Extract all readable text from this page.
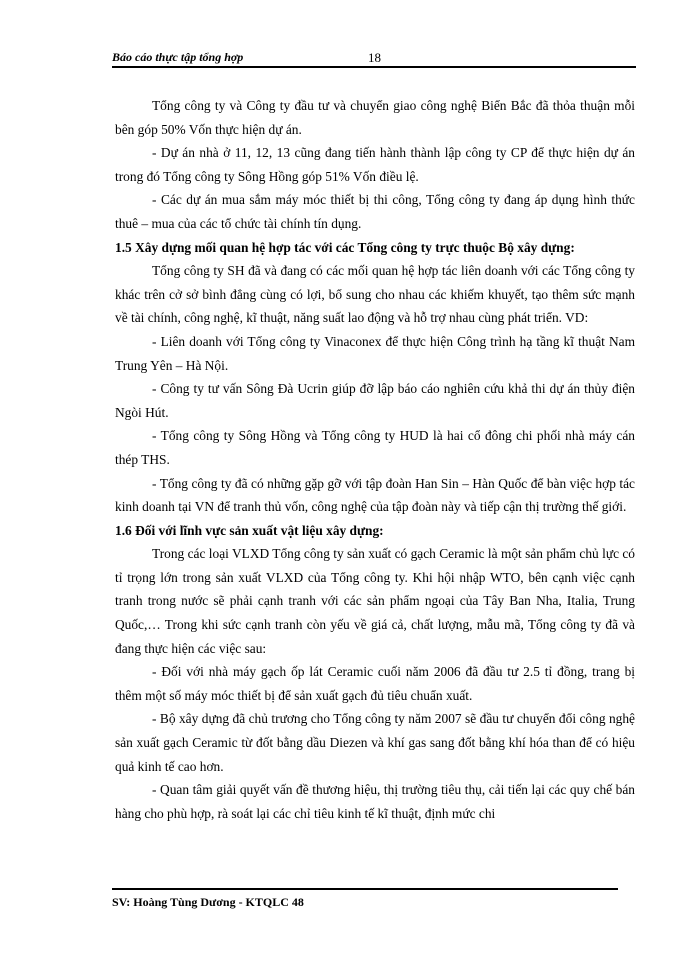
Báo cáo thực tập tổng hợp	18

Tổng công ty và Công ty đầu tư và chuyển giao công nghệ Biển Bắc đã thỏa thuận mỗi bên góp 50% Vốn thực hiện dự án.

- Dự án nhà ở 11, 12, 13 cũng đang tiến hành thành lập công ty CP để thực hiện dự án trong đó Tổng công ty Sông Hồng góp 51% Vốn điều lệ.

- Các dự án mua sắm máy móc thiết bị thi công, Tổng công ty đang áp dụng hình thức thuê – mua của các tổ chức tài chính tín dụng.

1.5 Xây dựng mối quan hệ hợp tác với các Tổng công ty trực thuộc Bộ xây dựng:

Tổng công ty SH đã và đang có các mối quan hệ hợp tác liên doanh với các Tổng công ty khác trên cở sở bình đẳng cùng có lợi, bổ sung cho nhau các khiếm khuyết, tạo thêm sức mạnh về tài chính, công nghệ, kĩ thuật, năng suất lao động và hỗ trợ nhau cùng phát triển. VD:

- Liên doanh với Tổng công ty Vinaconex để thực hiện Công trình hạ tầng kĩ thuật Nam Trung Yên – Hà Nội.

- Công ty tư vấn Sông Đà Ucrin giúp đỡ lập báo cáo nghiên cứu khả thi dự án thủy điện Ngòi Hút.

- Tổng công ty Sông Hồng và Tổng công ty HUD là hai cổ đông chi phối nhà máy cán thép THS.

- Tổng công ty đã có những gặp gỡ với tập đoàn Han Sin – Hàn Quốc để bàn việc hợp tác kinh doanh tại VN để tranh thủ vốn, công nghệ của tập đoàn này và tiếp cận thị trường thế giới.

1.6 Đối với lĩnh vực sản xuất vật liệu xây dựng:

Trong các loại VLXD Tổng công ty sản xuất có gạch Ceramic là một sản phẩm chủ lực có tỉ trọng lớn trong sản xuất VLXD của Tổng công ty. Khi hội nhập WTO, bên cạnh việc cạnh tranh trong nước sẽ phải cạnh tranh với các sản phẩm ngoại của Tây Ban Nha, Italia, Trung Quốc,… Trong khi sức cạnh tranh còn yếu về giá cả, chất lượng, mẫu mã, Tổng công ty đã và đang thực hiện các việc sau:

- Đối với nhà máy gạch ốp lát Ceramic cuối năm 2006 đã đầu tư 2.5 tỉ đồng, trang bị thêm một số máy móc thiết bị để sản xuất gạch đủ tiêu chuẩn xuất.

- Bộ xây dựng đã chủ trương cho Tổng công ty năm 2007 sẽ đầu tư chuyển đổi công nghệ sản xuất gạch Ceramic từ đốt bằng dầu Diezen và khí gas sang đốt bằng khí hóa than để có hiệu quả kinh tế cao hơn.

- Quan tâm giải quyết vấn đề thương hiệu, thị trường tiêu thụ, cải tiến lại các quy chế bán hàng cho phù hợp, rà soát lại các chỉ tiêu kinh tế kĩ thuật, định mức chi

SV: Hoàng Tùng Dương - KTQLC 48
